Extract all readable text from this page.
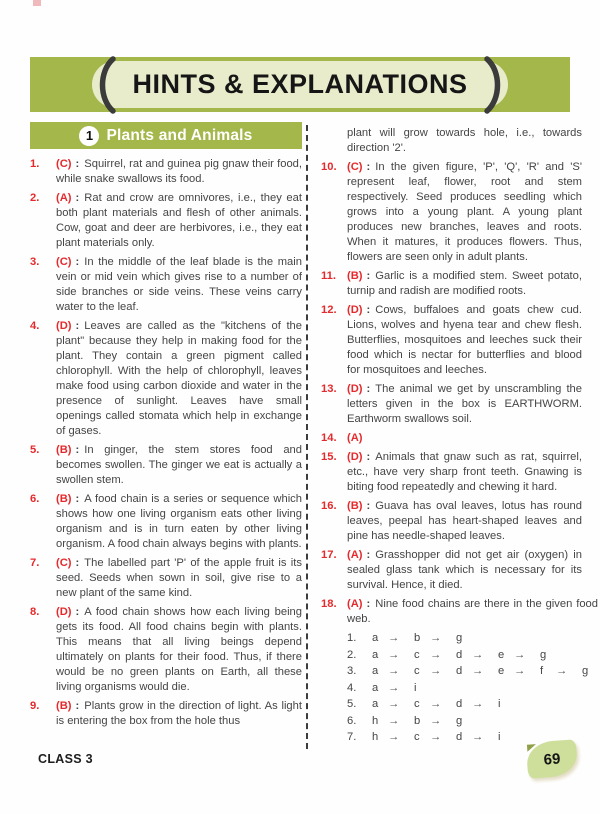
HINTS & EXPLANATIONS
1 Plants and Animals
1.	(C) : Squirrel, rat and guinea pig gnaw their food, while snake swallows its food.
2.	(A) : Rat and crow are omnivores, i.e., they eat both plant materials and flesh of other animals. Cow, goat and deer are herbivores, i.e., they eat plant materials only.
3.	(C) : In the middle of the leaf blade is the main vein or mid vein which gives rise to a number of side branches or side veins. These veins carry water to the leaf.
4.	(D) : Leaves are called as the "kitchens of the plant" because they help in making food for the plant. They contain a green pigment called chlorophyll. With the help of chlorophyll, leaves make food using carbon dioxide and water in the presence of sunlight. Leaves have small openings called stomata which help in exchange of gases.
5.	(B) : In ginger, the stem stores food and becomes swollen. The ginger we eat is actually a swollen stem.
6.	(B) : A food chain is a series or sequence which shows how one living organism eats other living organism and is in turn eaten by other living organism. A food chain always begins with plants.
7.	(C) : The labelled part 'P' of the apple fruit is its seed. Seeds when sown in soil, give rise to a new plant of the same kind.
8.	(D) : A food chain shows how each living being gets its food. All food chains begin with plants. This means that all living beings depend ultimately on plants for their food. Thus, if there would be no green plants on Earth, all these living organisms would die.
9.	(B) : Plants grow in the direction of light. As light is entering the box from the hole thus
plant will grow towards hole, i.e., towards direction '2'.
10. (C) : In the given figure, 'P', 'Q', 'R' and 'S' represent leaf, flower, root and stem respectively. Seed produces seedling which grows into a young plant. A young plant produces new branches, leaves and roots. When it matures, it produces flowers. Thus, flowers are seen only in adult plants.
11. (B) : Garlic is a modified stem. Sweet potato, turnip and radish are modified roots.
12. (D) : Cows, buffaloes and goats chew cud. Lions, wolves and hyena tear and chew flesh. Butterflies, mosquitoes and leeches suck their food which is nectar for butterflies and blood for mosquitoes and leeches.
13. (D) : The animal we get by unscrambling the letters given in the box is EARTHWORM. Earthworm swallows soil.
14. (A)
15. (D) : Animals that gnaw such as rat, squirrel, etc., have very sharp front teeth. Gnawing is biting food repeatedly and chewing it hard.
16. (B) : Guava has oval leaves, lotus has round leaves, peepal has heart-shaped leaves and pine has needle-shaped leaves.
17. (A) : Grasshopper did not get air (oxygen) in sealed glass tank which is necessary for its survival. Hence, it died.
18. (A) : Nine food chains are there in the given food web.
1.	a →	b →	g
2.	a →	c →	d →	e →	g
3.	a →	c →	d →	e →	f	→	g
4.	a →	i
5.	a →	c →	d →	i
6.	h →	b →	g
7.	h →	c →	d →	i
CLASS 3	69
